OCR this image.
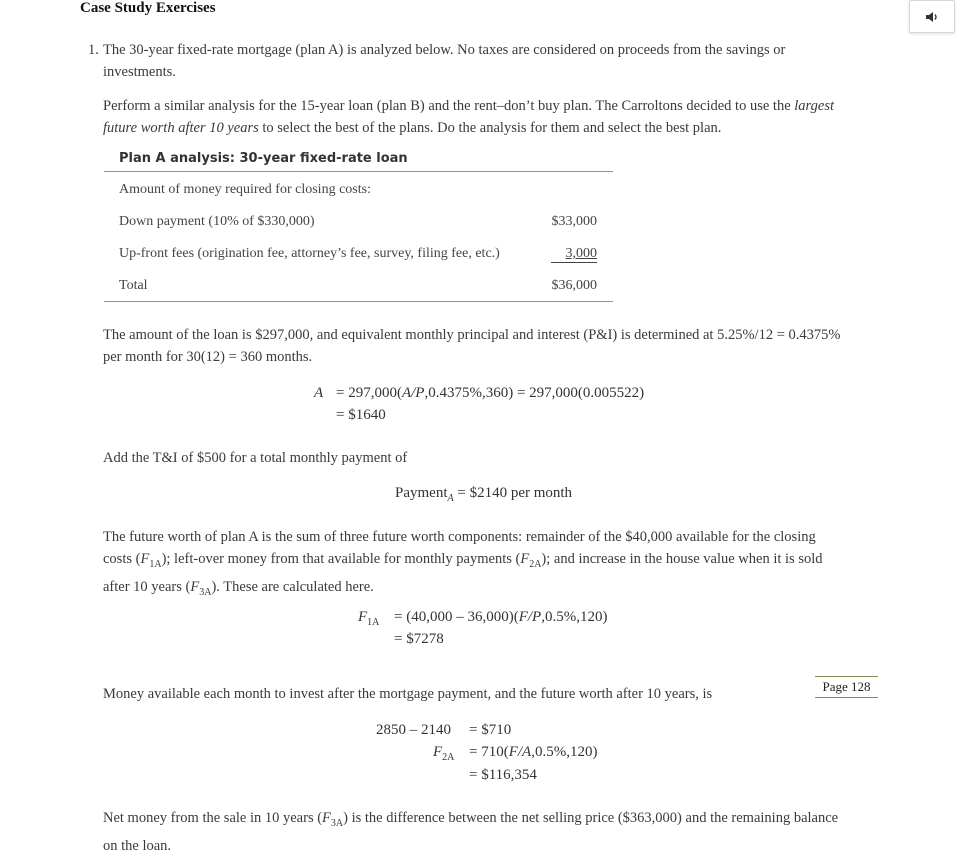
Case Study Exercises
1. The 30-year fixed-rate mortgage (plan A) is analyzed below. No taxes are considered on proceeds from the savings or
investments.
Perform a similar analysis for the 15-year loan (plan B) and the rent–don’t buy plan. The Carroltons decided to use the largest
future worth after 10 years to select the best of the plans. Do the analysis for them and select the best plan.
Plan A analysis: 30-year fixed-rate loan
Amount of money required for closing costs:
Down payment (10% of $330,000)	$33,000
Up-front fees (origination fee, attorney’s fee, survey, filing fee, etc.)	3,000
Total	$36,000
The amount of the loan is $297,000, and equivalent monthly principal and interest (P&I) is determined at 5.25%/12 = 0.4375%
per month for 30(12) = 360 months.
A = 297,000(A/P,0.4375%,360) = 297,000(0.005522)
= $1640
Add the T&I of $500 for a total monthly payment of
Payment$_A$ = $2140 per month
The future worth of plan A is the sum of three future worth components: remainder of the $40,000 available for the closing
costs $(F_{1A})$; left-over money from that available for monthly payments $(F_{2A})$; and increase in the house value when it is sold
after 10 years $(F_{3A})$. These are calculated here.
$F_{1A} = (40,000 - 36,000)(F/P,0.5\%,120)$
= $7278
Page 128
Money available each month to invest after the mortgage payment, and the future worth after 10 years, is
2850 – 2140 = $710
$F_{2A} = 710(F/A,0.5\%,120)$
= $116,354
Net money from the sale in 10 years $(F_{3A})$ is the difference between the net selling price ($363,000) and the remaining balance
on the loan.
